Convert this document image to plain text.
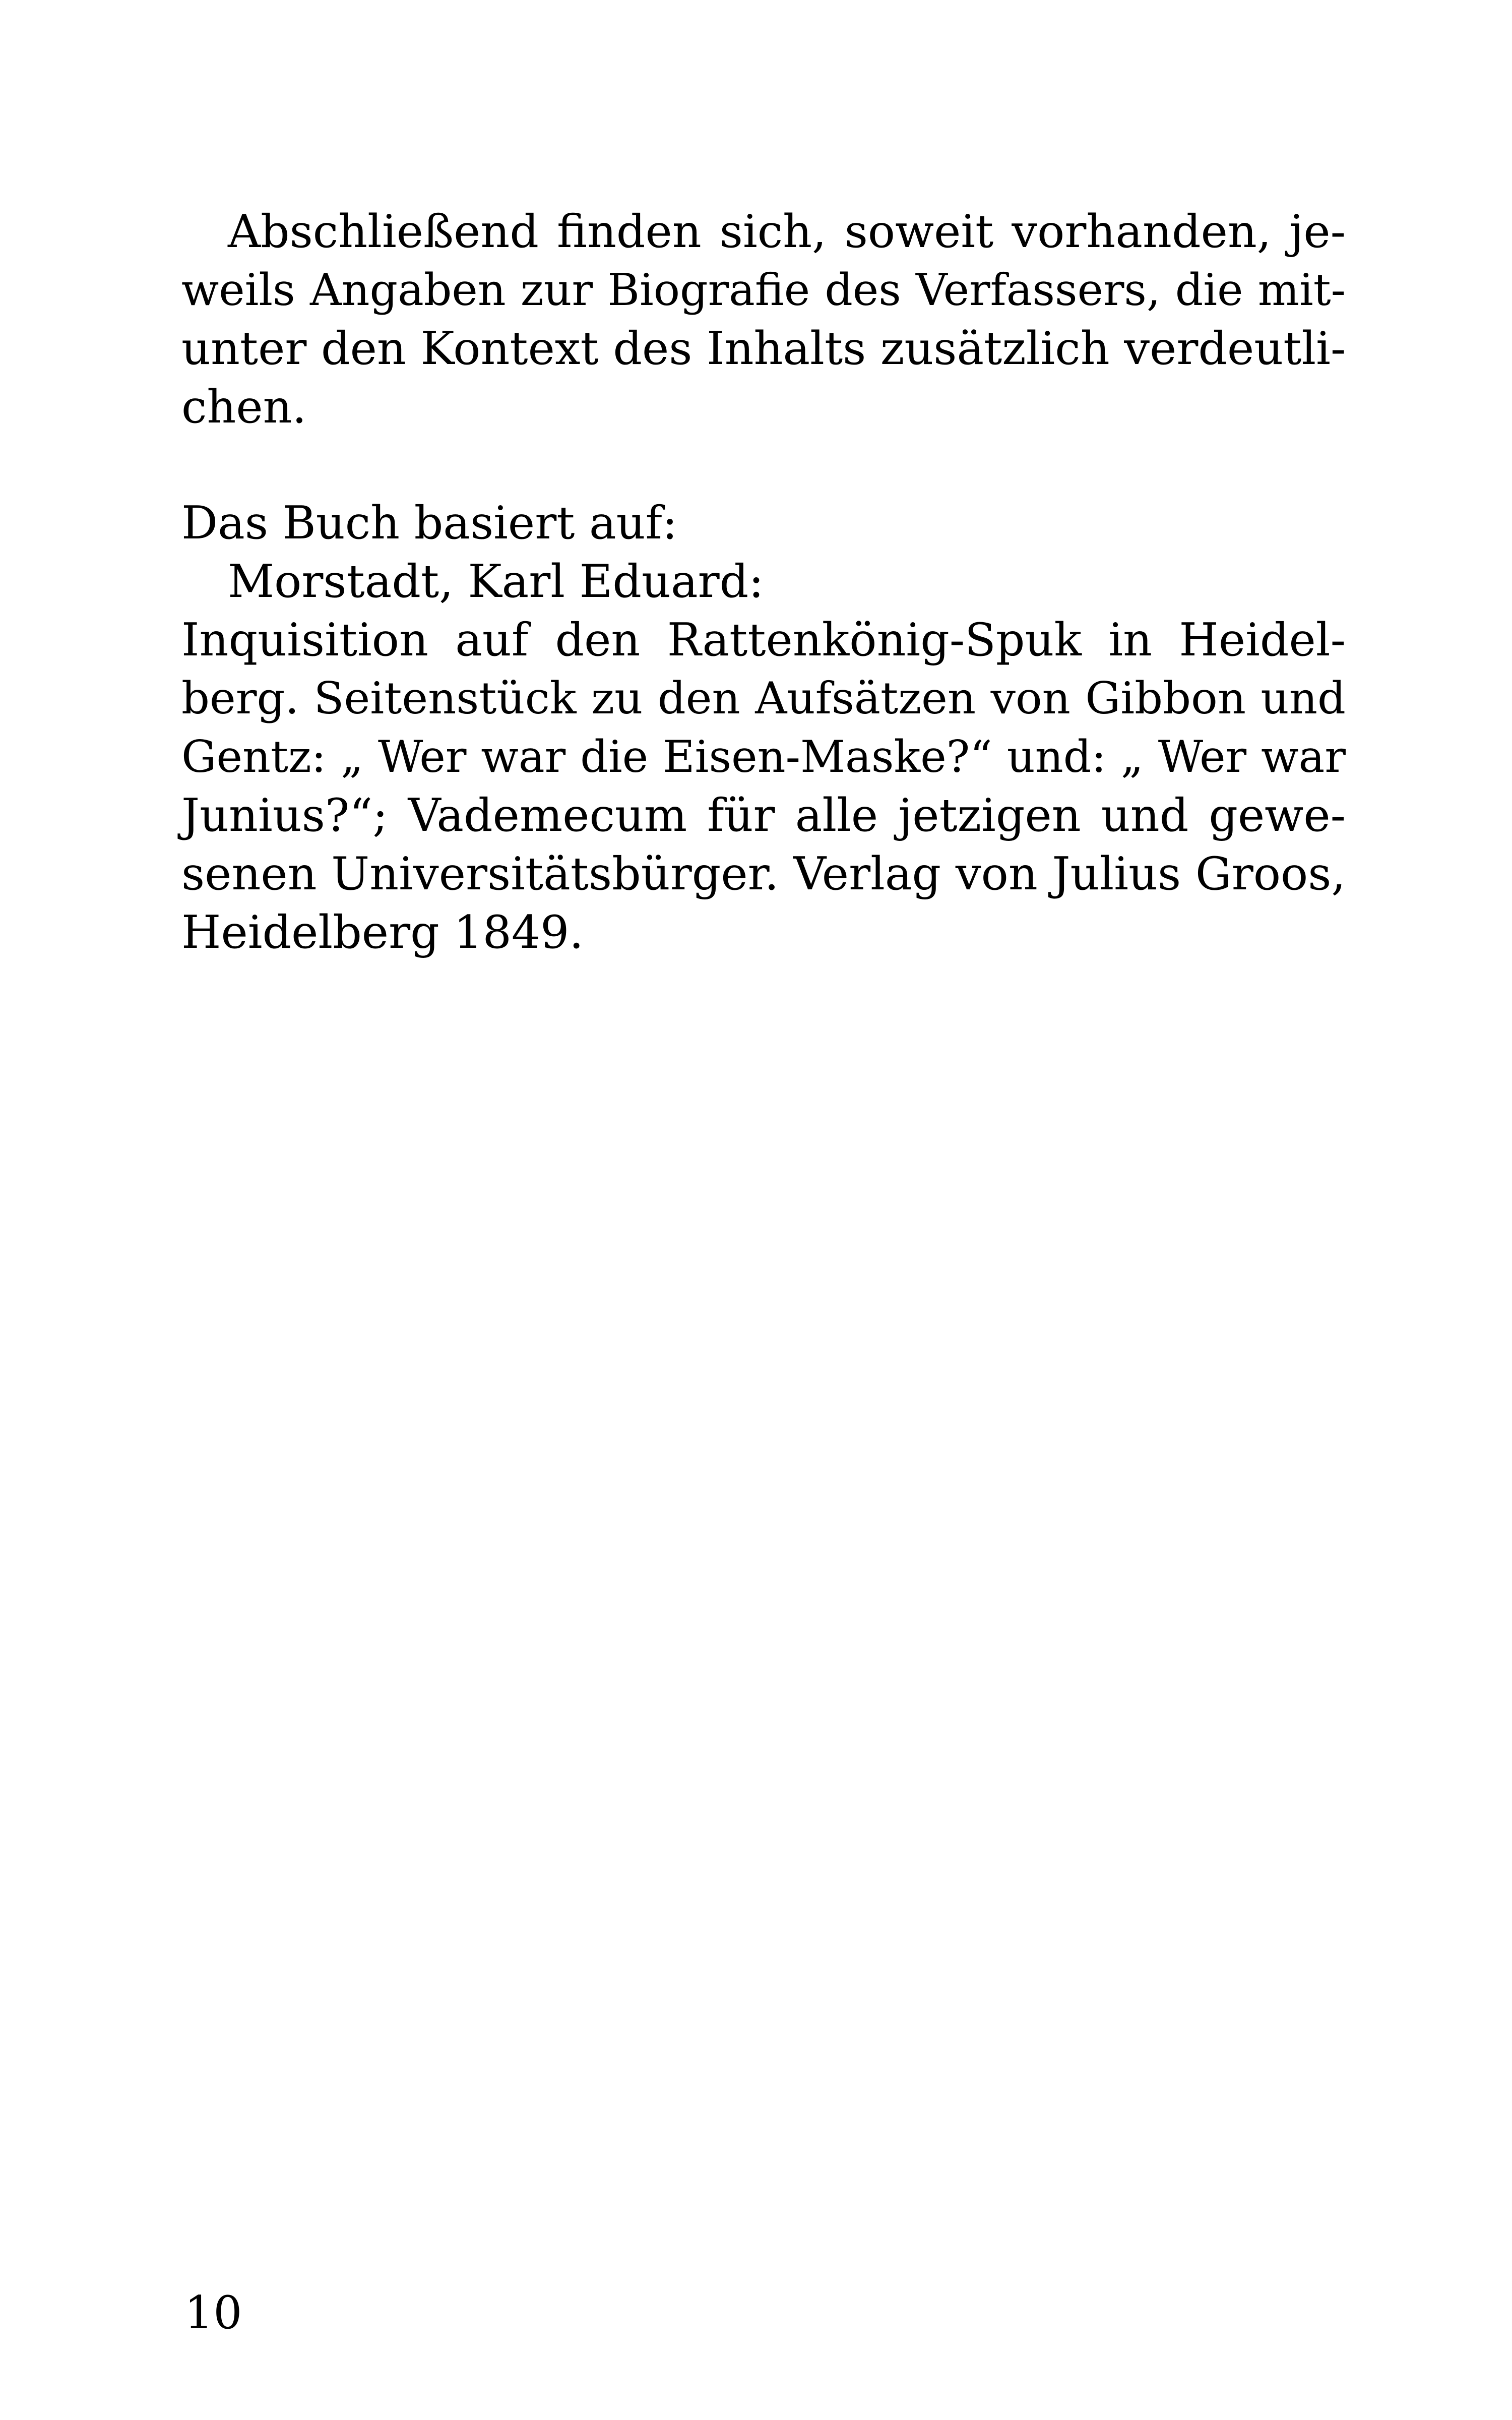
Abschließend finden sich, soweit vorhanden, je-
weils Angaben zur Biografie des Verfassers, die mit-
unter den Kontext des Inhalts zusätzlich verdeutli-
chen.
Das Buch basiert auf:
Morstadt, Karl Eduard:
Inquisition auf den Rattenkönig-Spuk in Heidel-
berg. Seitenstück zu den Aufsätzen von Gibbon und
Gentz: „ Wer war die Eisen-Maske?“ und: „ Wer war
Junius?“; Vademecum für alle jetzigen und gewe-
senen Universitätsbürger. Verlag von Julius Groos,
Heidelberg 1849.
10
